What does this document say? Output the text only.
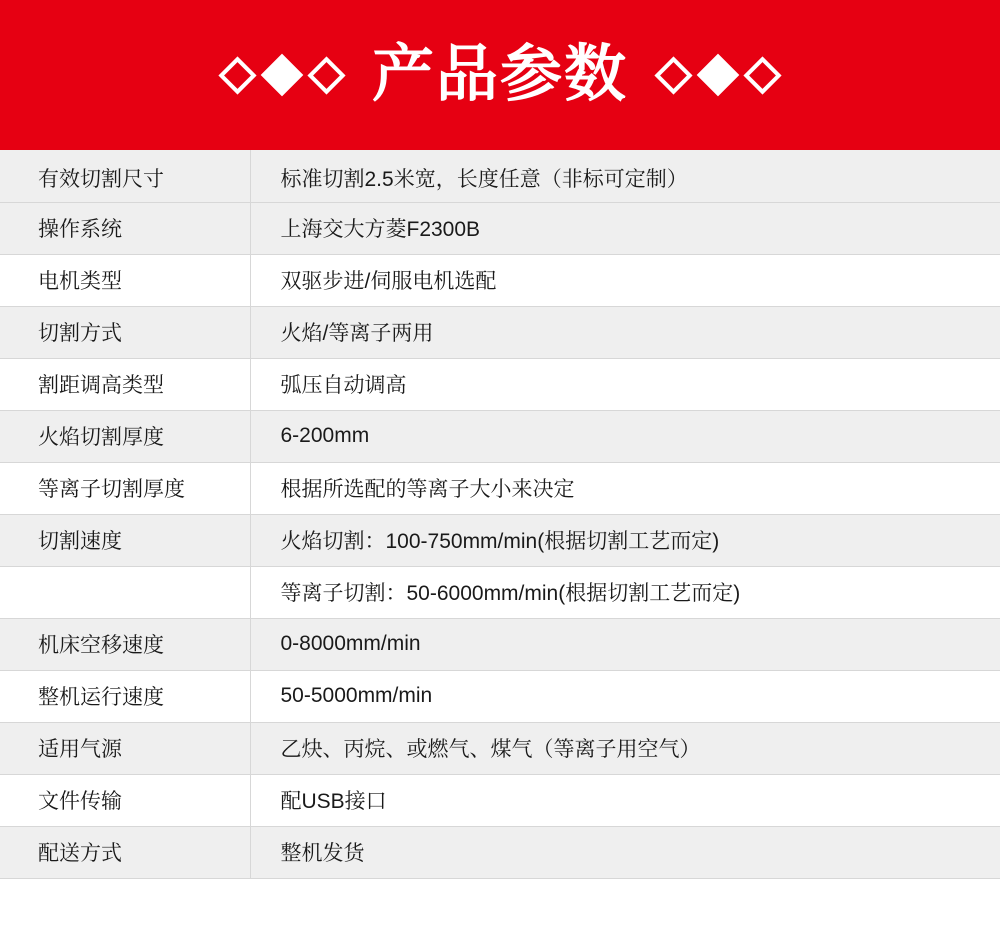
产品参数
有效切割尺寸	标准切割2.5米宽，长度任意（非标可定制）
操作系统	上海交大方菱F2300B
电机类型	双驱步进/伺服电机选配
切割方式	火焰/等离子两用
割距调高类型	弧压自动调高
火焰切割厚度	6-200mm
等离子切割厚度	根据所选配的等离子大小来决定
切割速度	火焰切割：100-750mm/min(根据切割工艺而定)
	等离子切割：50-6000mm/min(根据切割工艺而定)
机床空移速度	0-8000mm/min
整机运行速度	50-5000mm/min
适用气源	乙炔、丙烷、或燃气、煤气（等离子用空气）
文件传输	配USB接口
配送方式	整机发货
